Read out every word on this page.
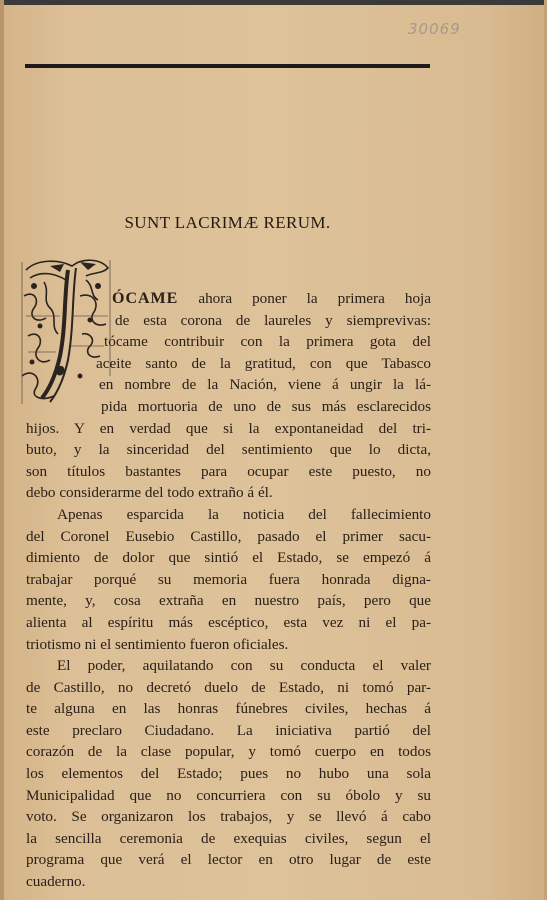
30069
SUNT LACRIMÆ RERUM.
ÓCAME ahora poner la primera hoja
de esta corona de laureles y siemprevivas:
tócame contribuir con la primera gota del
aceite santo de la gratitud, con que Tabasco
en nombre de la Nación, viene á ungir la lá-
pida mortuoria de uno de sus más esclarecidos
hijos. Y en verdad que si la expontaneidad del tri-
buto, y la sinceridad del sentimiento que lo dicta,
son títulos bastantes para ocupar este puesto, no
debo considerarme del todo extraño á él.
Apenas esparcida la noticia del fallecimiento
del Coronel Eusebio Castillo, pasado el primer sacu-
dimiento de dolor que sintió el Estado, se empezó á
trabajar porqué su memoria fuera honrada digna-
mente, y, cosa extraña en nuestro país, pero que
alienta al espíritu más escéptico, esta vez ni el pa-
triotismo ni el sentimiento fueron oficiales.
El poder, aquilatando con su conducta el valer
de Castillo, no decretó duelo de Estado, ni tomó par-
te alguna en las honras fúnebres civiles, hechas á
este preclaro Ciudadano. La iniciativa partió del
corazón de la clase popular, y tomó cuerpo en todos
los elementos del Estado; pues no hubo una sola
Municipalidad que no concurriera con su óbolo y su
voto. Se organizaron los trabajos, y se llevó á cabo
la sencilla ceremonia de exequias civiles, segun el
programa que verá el lector en otro lugar de este
cuaderno.
